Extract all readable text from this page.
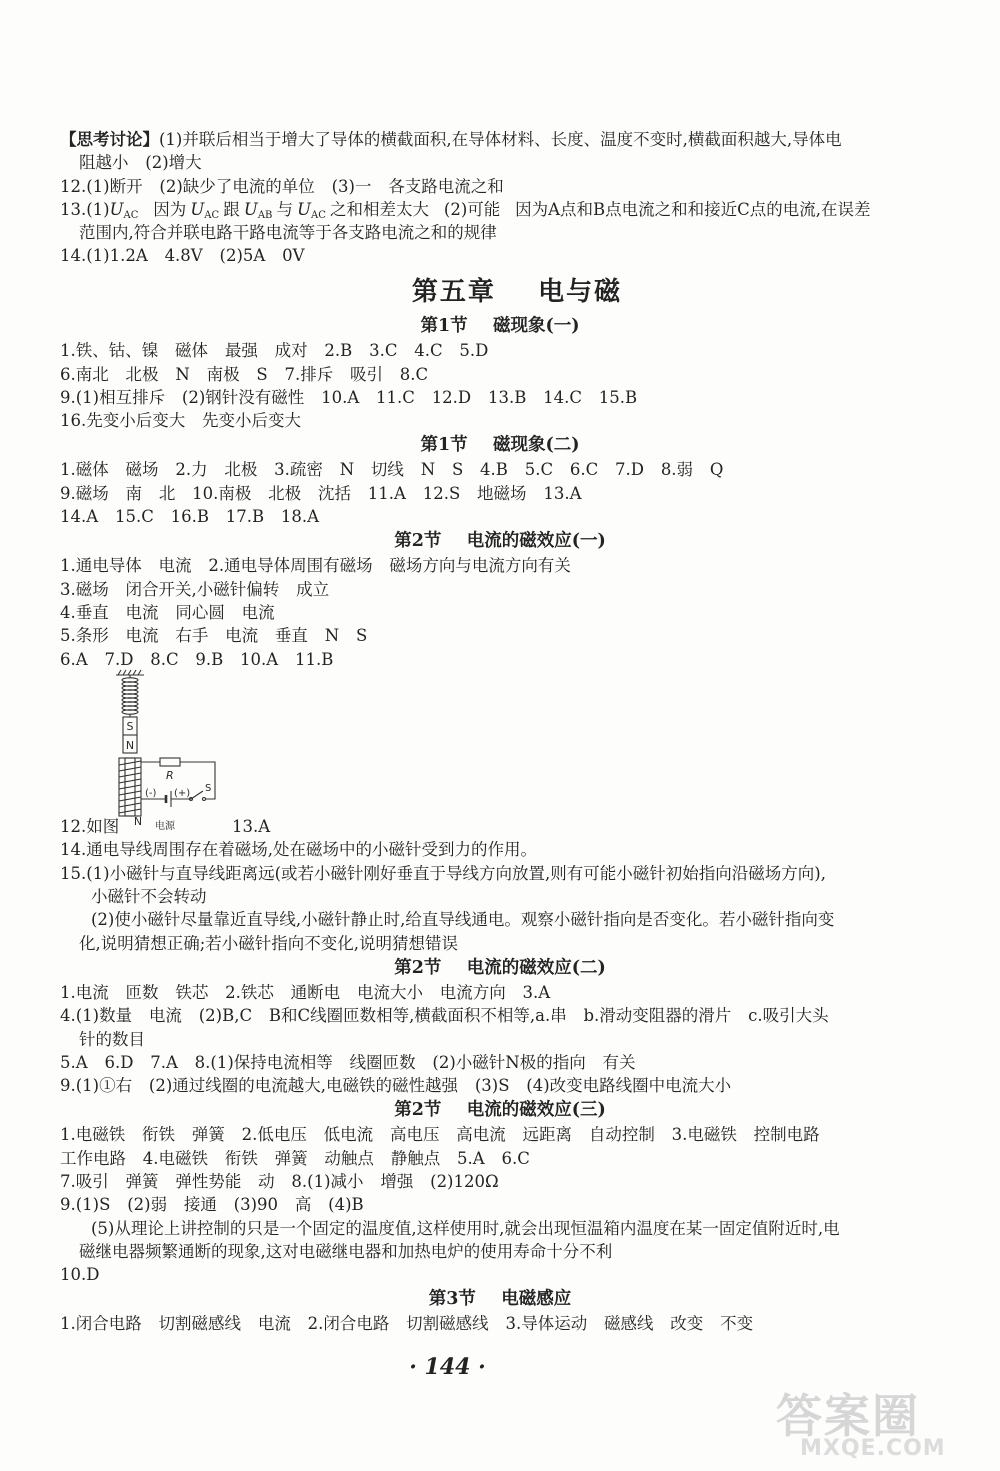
【思考讨论】(1)并联后相当于增大了导体的横截面积,在导体材料、长度、温度不变时,横截面积越大,导体电
阻越小 (2)增大
12.(1)断开 (2)缺少了电流的单位 (3)一 各支路电流之和
$13.(1)U_{AC}$ 因为 $U_{AC}$ 跟 $U_{AB}$ 与 $U_{AC}$ 之和相差太大 (2)可能 因为A点和B点电流之和和接近C点的电流,在误差
范围内,符合并联电路干路电流等于各支路电流之和的规律
14.(1)1.2A 4.8V (2)5A 0V
第五章 电与磁
第1节 磁现象(一)
1.铁、钴、镍 磁体 最强 成对 2.B 3.C 4.C 5.D
6.南北 北极 N 南极 S 7.排斥 吸引 8.C
9.(1)相互排斥 (2)钢针没有磁性 10.A 11.C 12.D 13.B 14.C 15.B
16.先变小后变大 先变小后变大
第1节 磁现象(二)
1.磁体 磁场 2.力 北极 3.疏密 N 切线 N S 4.B 5.C 6.C 7.D 8.弱 Q
9.磁场 南 北 10.南极 北极 沈括 11.A 12.S 地磁场 13.A
14.A 15.C 16.B 17.B 18.A
第2节 电流的磁效应(一)
1.通电导体 电流 2.通电导体周围有磁场 磁场方向与电流方向有关
3.磁场 闭合开关,小磁针偏转 成立
4.垂直 电流 同心圆 电流
5.条形 电流 右手 电流 垂直 N S
6.A 7.D 8.C 9.B 10.A 11.B
S
N
R
S
(-) (+)
N 电源
12.如图	13.A
14.通电导线周围存在着磁场,处在磁场中的小磁针受到力的作用。
15.(1)小磁针与直导线距离远(或若小磁针刚好垂直于导线方向放置,则有可能小磁针初始指向沿磁场方向),
小磁针不会转动
(2)使小磁针尽量靠近直导线,小磁针静止时,给直导线通电。观察小磁针指向是否变化。若小磁针指向变
化,说明猜想正确;若小磁针指向不变化,说明猜想错误
第2节 电流的磁效应(二)
1.电流 匝数 铁芯 2.铁芯 通断电 电流大小 电流方向 3.A
4.(1)数量 电流 (2)B,C B和C线圈匝数相等,横截面积不相等,a.串 b.滑动变阻器的滑片 c.吸引大头
针的数目
5.A 6.D 7.A 8.(1)保持电流相等 线圈匝数 (2)小磁针N极的指向 有关
9.(1)①右 (2)通过线圈的电流越大,电磁铁的磁性越强 (3)S (4)改变电路线圈中电流大小
第2节 电流的磁效应(三)
1.电磁铁 衔铁 弹簧 2.低电压 低电流 高电压 高电流 远距离 自动控制 3.电磁铁 控制电路
工作电路 4.电磁铁 衔铁 弹簧 动触点 静触点 5.A 6.C
7.吸引 弹簧 弹性势能 动 8.(1)减小 增强 (2)120Ω
9.(1)S (2)弱 接通 (3)90 高 (4)B
(5)从理论上讲控制的只是一个固定的温度值,这样使用时,就会出现恒温箱内温度在某一固定值附近时,电
磁继电器频繁通断的现象,这对电磁继电器和加热电炉的使用寿命十分不利
10.D
第3节 电磁感应
1.闭合电路 切割磁感线 电流 2.闭合电路 切割磁感线 3.导体运动 磁感线 改变 不变
· 144 ·
答案圈
MXQE.COM
